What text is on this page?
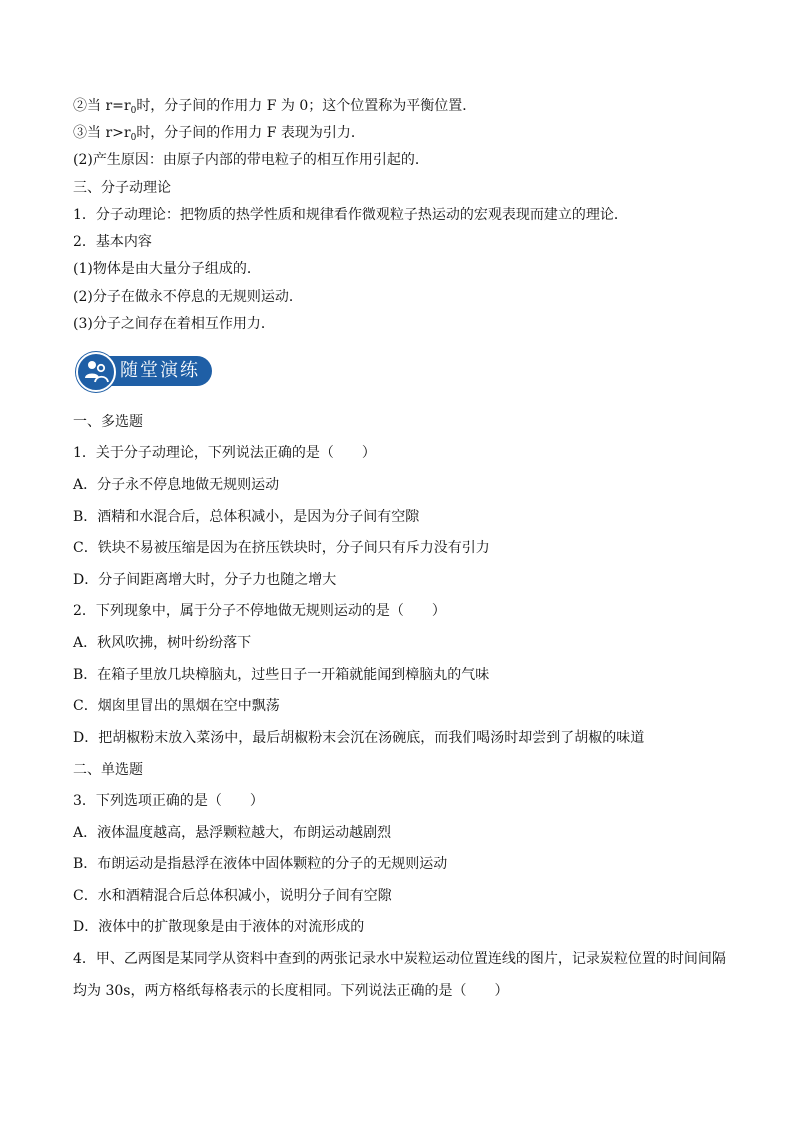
②当 $r=r_0$时，分子间的作用力 F 为 0；这个位置称为平衡位置．
③当 $r>r_0$时，分子间的作用力 F 表现为引力．
(2)产生原因：由原子内部的带电粒子的相互作用引起的．
三、分子动理论
1．分子动理论：把物质的热学性质和规律看作微观粒子热运动的宏观表现而建立的理论．
2．基本内容
(1)物体是由大量分子组成的．
(2)分子在做永不停息的无规则运动．
(3)分子之间存在着相互作用力．
随堂演练
一、多选题
1．关于分子动理论，下列说法正确的是（　　）
A．分子永不停息地做无规则运动
B．酒精和水混合后，总体积减小，是因为分子间有空隙
C．铁块不易被压缩是因为在挤压铁块时，分子间只有斥力没有引力
D．分子间距离增大时，分子力也随之增大
2．下列现象中，属于分子不停地做无规则运动的是（　　）
A．秋风吹拂，树叶纷纷落下
B．在箱子里放几块樟脑丸，过些日子一开箱就能闻到樟脑丸的气味
C．烟囱里冒出的黑烟在空中飘荡
D．把胡椒粉末放入菜汤中，最后胡椒粉末会沉在汤碗底，而我们喝汤时却尝到了胡椒的味道
二、单选题
3．下列选项正确的是（　　）
A．液体温度越高，悬浮颗粒越大，布朗运动越剧烈
B．布朗运动是指悬浮在液体中固体颗粒的分子的无规则运动
C．水和酒精混合后总体积减小，说明分子间有空隙
D．液体中的扩散现象是由于液体的对流形成的
4．甲、乙两图是某同学从资料中查到的两张记录水中炭粒运动位置连线的图片，记录炭粒位置的时间间隔均为 30s，两方格纸每格表示的长度相同。下列说法正确的是（　　）
